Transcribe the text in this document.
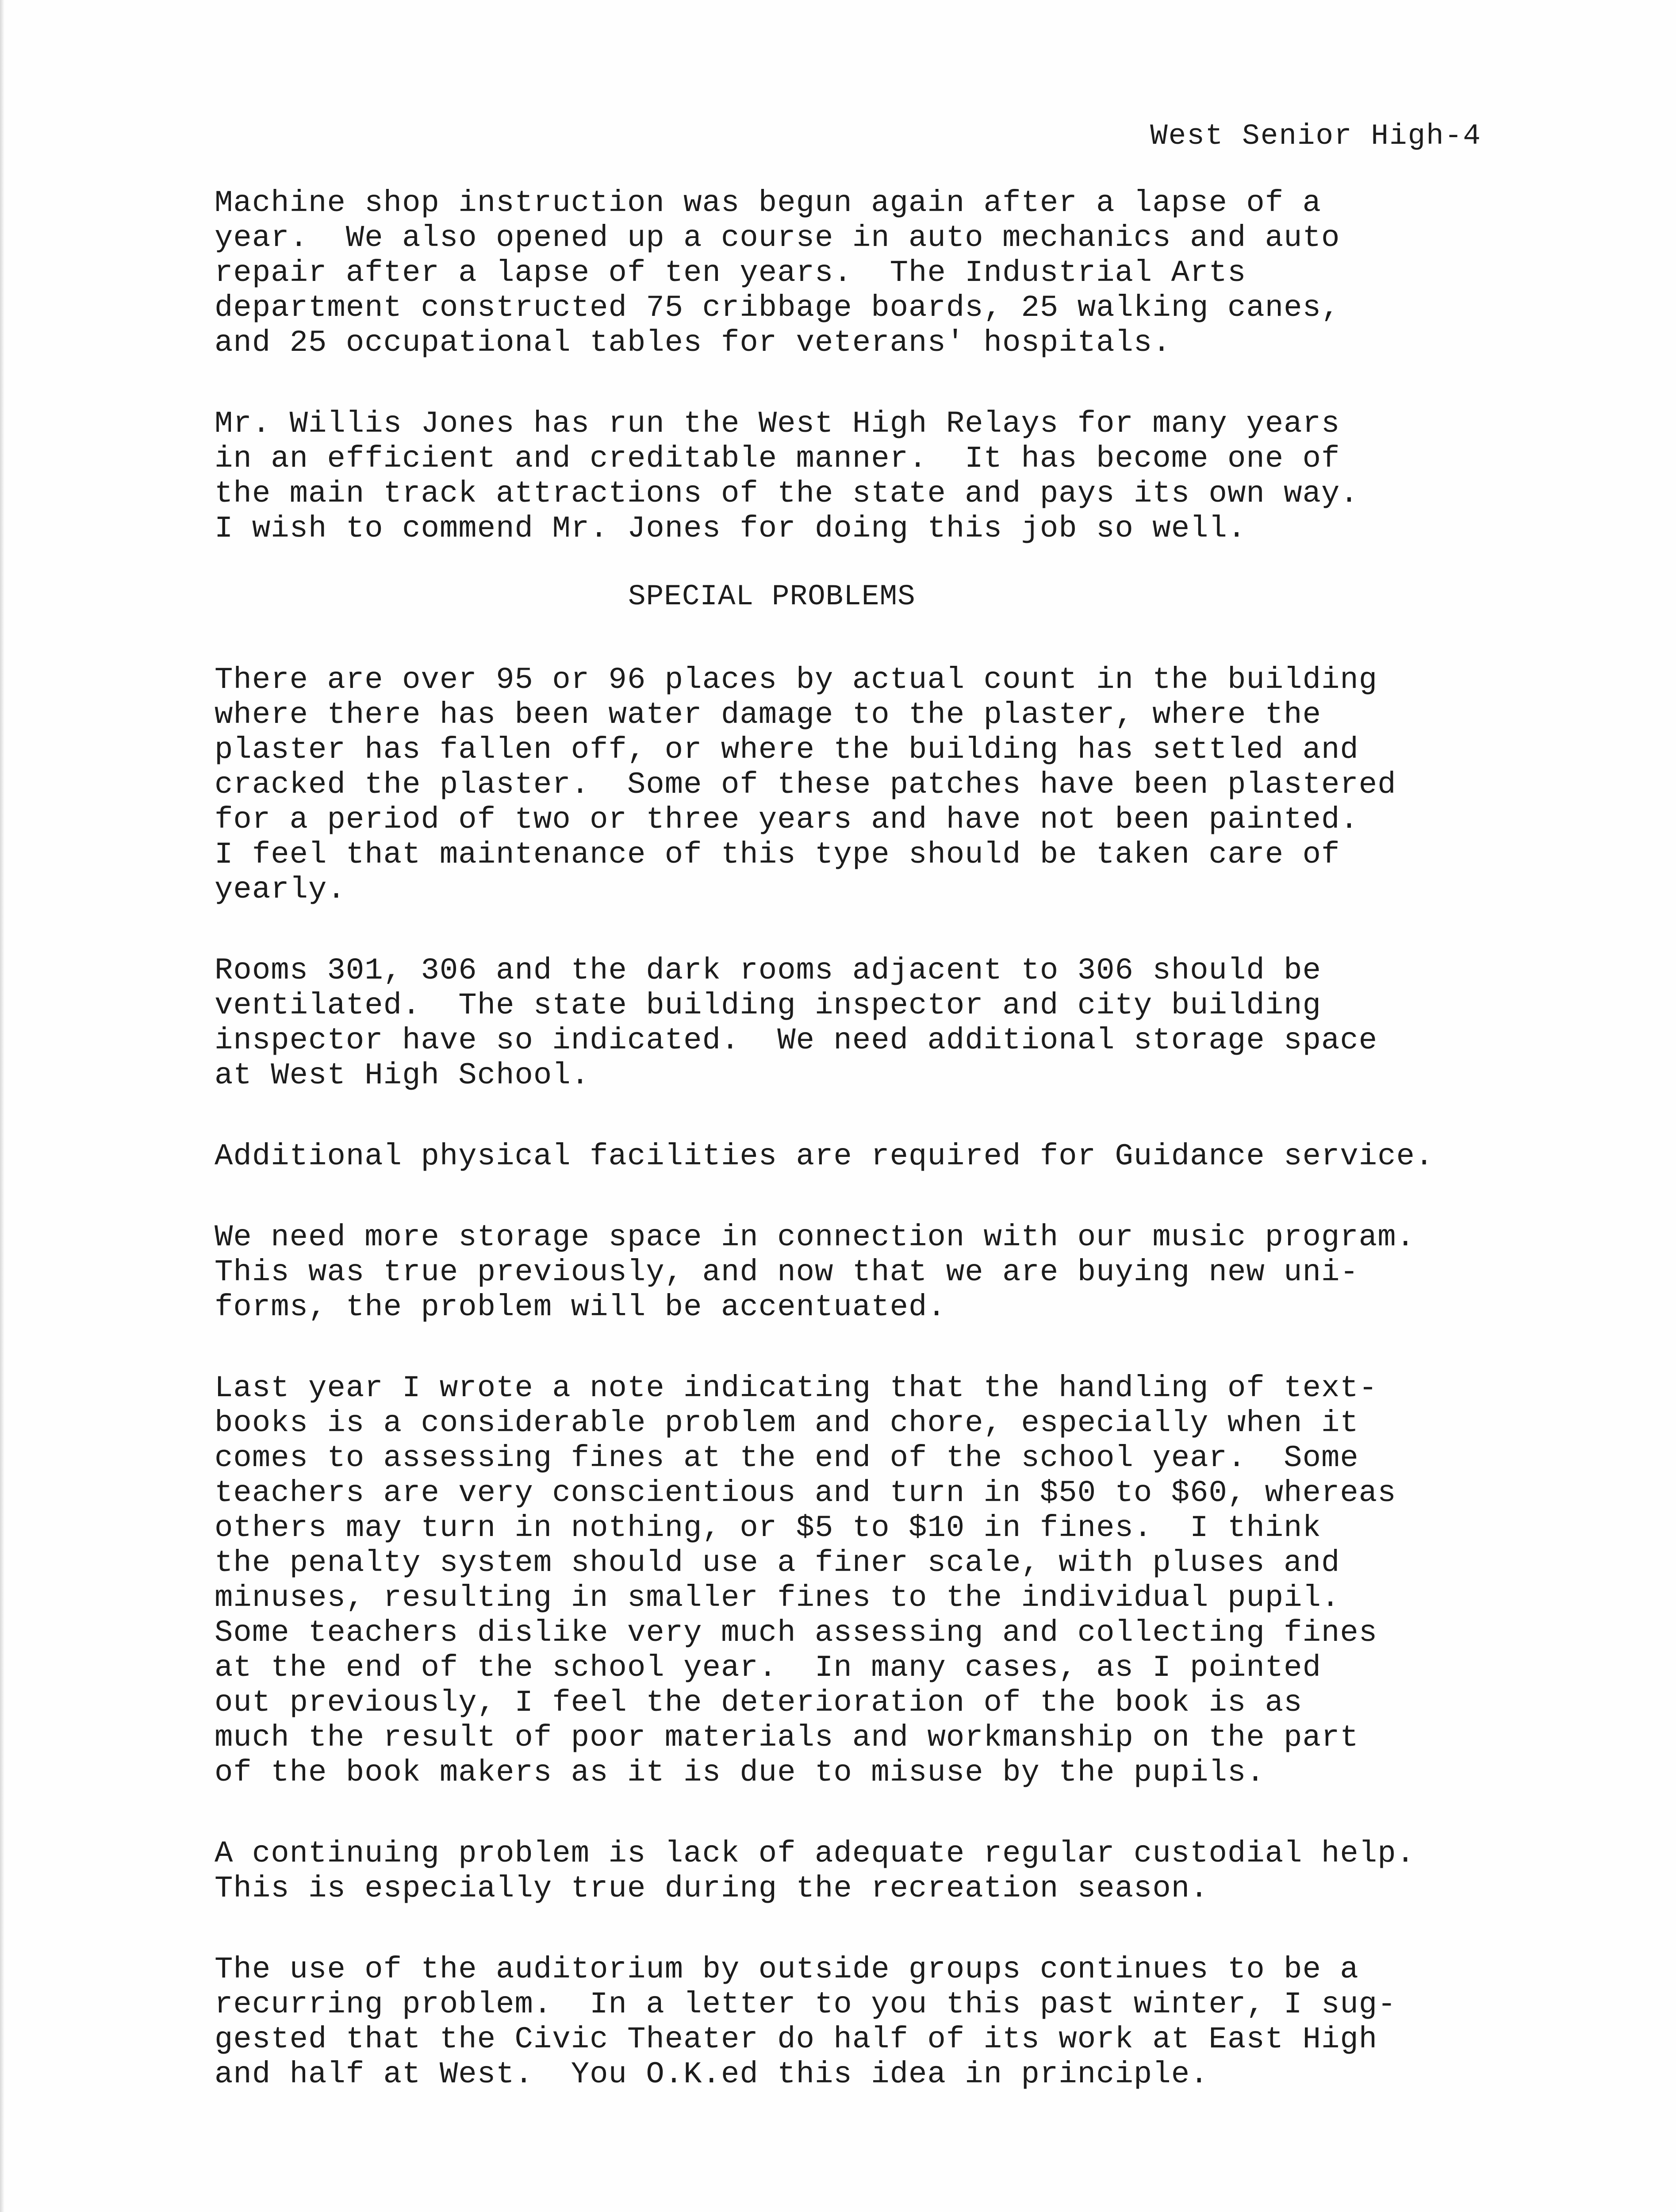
West Senior High-4
Machine shop instruction was begun again after a lapse of a
year.  We also opened up a course in auto mechanics and auto
repair after a lapse of ten years.  The Industrial Arts
department constructed 75 cribbage boards, 25 walking canes,
and 25 occupational tables for veterans' hospitals.
Mr. Willis Jones has run the West High Relays for many years
in an efficient and creditable manner.  It has become one of
the main track attractions of the state and pays its own way.
I wish to commend Mr. Jones for doing this job so well.
SPECIAL PROBLEMS
There are over 95 or 96 places by actual count in the building
where there has been water damage to the plaster, where the
plaster has fallen off, or where the building has settled and
cracked the plaster.  Some of these patches have been plastered
for a period of two or three years and have not been painted.
I feel that maintenance of this type should be taken care of
yearly.
Rooms 301, 306 and the dark rooms adjacent to 306 should be
ventilated.  The state building inspector and city building
inspector have so indicated.  We need additional storage space
at West High School.
Additional physical facilities are required for Guidance service.
We need more storage space in connection with our music program.
This was true previously, and now that we are buying new uni-
forms, the problem will be accentuated.
Last year I wrote a note indicating that the handling of text-
books is a considerable problem and chore, especially when it
comes to assessing fines at the end of the school year.  Some
teachers are very conscientious and turn in $50 to $60, whereas
others may turn in nothing, or $5 to $10 in fines.  I think
the penalty system should use a finer scale, with pluses and
minuses, resulting in smaller fines to the individual pupil.
Some teachers dislike very much assessing and collecting fines
at the end of the school year.  In many cases, as I pointed
out previously, I feel the deterioration of the book is as
much the result of poor materials and workmanship on the part
of the book makers as it is due to misuse by the pupils.
A continuing problem is lack of adequate regular custodial help.
This is especially true during the recreation season.
The use of the auditorium by outside groups continues to be a
recurring problem.  In a letter to you this past winter, I sug-
gested that the Civic Theater do half of its work at East High
and half at West.  You O.K.ed this idea in principle.
